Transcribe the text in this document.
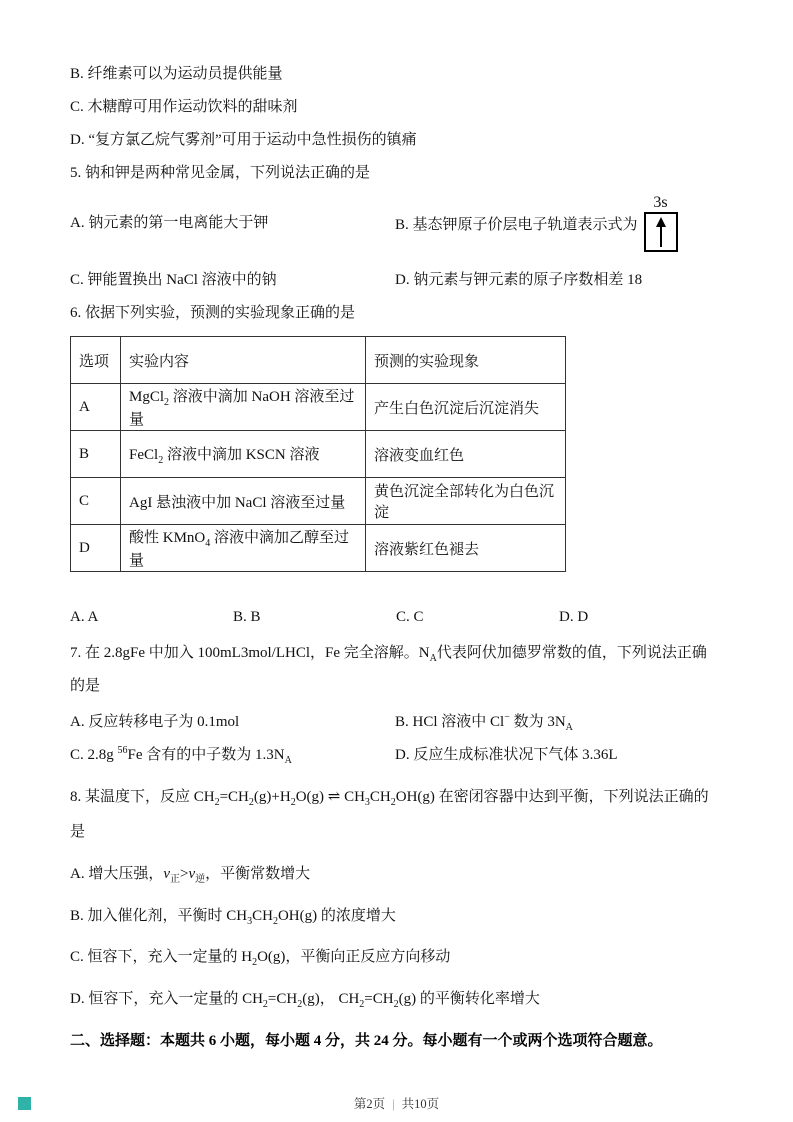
B. 纤维素可以为运动员提供能量
C. 木糖醇可用作运动饮料的甜味剂
D. “复方氯乙烷气雾剂”可用于运动中急性损伤的镇痛
5. 钠和钾是两种常见金属，下列说法正确的是
A. 钠元素的第一电离能大于钾	B. 基态钾原子价层电子轨道表示式为
3s
C. 钾能置换出 NaCl 溶液中的钠	D. 钠元素与钾元素的原子序数相差 18
6. 依据下列实验，预测的实验现象正确的是
选项	实验内容	预测的实验现象
A	MgCl$_2$ 溶液中滴加 NaOH 溶液至过量	产生白色沉淀后沉淀消失
B	FeCl$_2$ 溶液中滴加 KSCN 溶液	溶液变血红色
C	AgI 悬浊液中加 NaCl 溶液至过量	黄色沉淀全部转化为白色沉淀
D	酸性 KMnO$_4$ 溶液中滴加乙醇至过量	溶液紫红色褪去
A. A	B. B	C. C	D. D
7. 在 2.8gFe 中加入 100mL3mol/LHCl，Fe 完全溶解。$N_A$代表阿伏加德罗常数的值，下列说法正确的是
A. 反应转移电子为 0.1mol	B. HCl 溶液中 Cl− 数为 $3N_A$
C. 2.8g $^{56}$Fe 含有的中子数为 $1.3N_A$	D. 反应生成标准状况下气体 3.36L
8. 某温度下，反应 $CH_2=CH_2(g)+H_2O(g)$ ⇌ $CH_3CH_2OH(g)$ 在密闭容器中达到平衡，下列说法正确的是
A. 增大压强，$v_正>v_逆$，平衡常数增大
B. 加入催化剂，平衡时 $CH_3CH_2OH(g)$ 的浓度增大
C. 恒容下，充入一定量的 $H_2O(g)$，平衡向正反应方向移动
D. 恒容下，充入一定量的 $CH_2=CH_2(g)$， $CH_2=CH_2(g)$ 的平衡转化率增大
二、选择题：本题共 6 小题，每小题 4 分，共 24 分。每小题有一个或两个选项符合题意。
第2页 | 共10页
